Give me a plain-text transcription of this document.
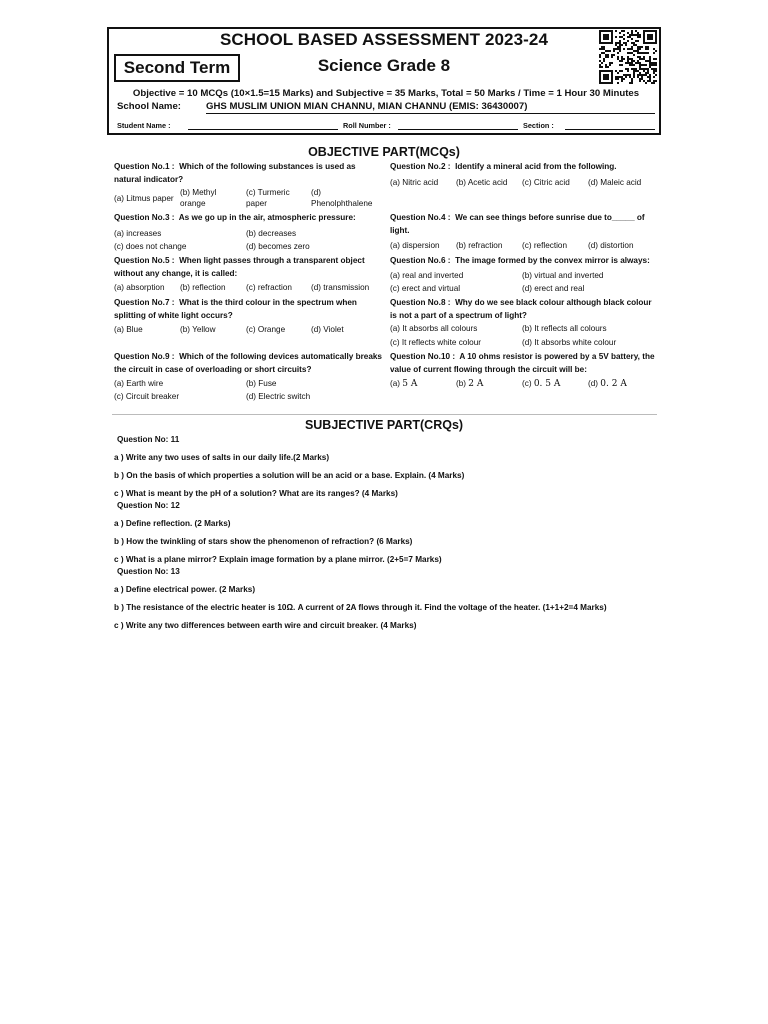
SCHOOL BASED ASSESSMENT 2023-24
Second Term	Science Grade 8
Objective = 10 MCQs (10×1.5=15 Marks) and Subjective = 35 Marks, Total = 50 Marks / Time = 1 Hour 30 Minutes
School Name:	GHS MUSLIM UNION MIAN CHANNU, MIAN CHANNU (EMIS: 36430007)
Student Name :	Roll Number :	Section :
OBJECTIVE PART(MCQs)
Question No.1 : Which of the following substances is used as natural indicator?
(a) Litmus paper
(b) Methyl orange
(c) Turmeric paper
(d) Phenolphthalene
Question No.2 : Identify a mineral acid from the following.
(a) Nitric acid (b) Acetic acid (c) Citric acid (d) Maleic acid
Question No.3 : As we go up in the air, atmospheric pressure:
(a) increases	(b) decreases
(c) does not change	(d) becomes zero
Question No.4 : We can see things before sunrise due to_____ of light.
(a) dispersion (b) refraction (c) reflection	(d) distortion
Question No.5 : When light passes through a transparent object without any change, it is called:
(a) absorption (b) reflection (c) refraction (d) transmission
Question No.6 : The image formed by the convex mirror is always:
(a) real and inverted	(b) virtual and inverted
(c) erect and virtual	(d) erect and real
Question No.7 : What is the third colour in the spectrum when splitting of white light occurs?
(a) Blue	(b) Yellow	(c) Orange	(d) Violet
Question No.8 : Why do we see black colour although black colour is not a part of a spectrum of light?
(a) It absorbs all colours	(b) It reflects all colours
(c) It reflects white colour	(d) It absorbs white colour
Question No.9 : Which of the following devices automatically breaks the circuit in case of overloading or short circuits?
(a) Earth wire	(b) Fuse
(c) Circuit breaker	(d) Electric switch
Question No.10 : A 10 ohms resistor is powered by a 5V battery, the value of current flowing through the circuit will be:
(a) 5 A	(b) 2 A	(c) 0. 5 A	(d) 0. 2 A
SUBJECTIVE PART(CRQs)
Question No: 11
a ) Write any two uses of salts in our daily life.(2 Marks)
b ) On the basis of which properties a solution will be an acid or a base. Explain. (4 Marks)
c ) What is meant by the pH of a solution? What are its ranges? (4 Marks)
Question No: 12
a ) Define reflection. (2 Marks)
b ) How the twinkling of stars show the phenomenon of refraction? (6 Marks)
c ) What is a plane mirror? Explain image formation by a plane mirror. (2+5=7 Marks)
Question No: 13
a ) Define electrical power. (2 Marks)
b ) The resistance of the electric heater is 10Ω. A current of 2A flows through it. Find the voltage of the heater. (1+1+2=4 Marks)
c ) Write any two differences between earth wire and circuit breaker. (4 Marks)
